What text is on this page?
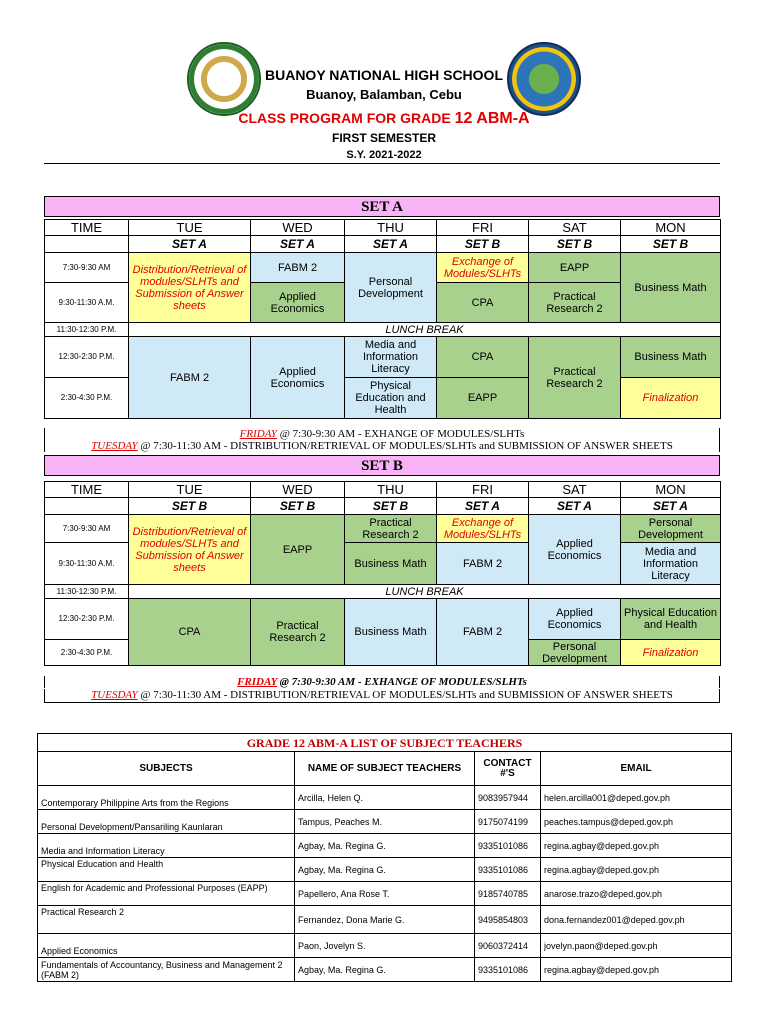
BUANOY NATIONAL HIGH SCHOOL
Buanoy, Balamban, Cebu
CLASS PROGRAM FOR GRADE 12 ABM-A
FIRST SEMESTER
S.Y. 2021-2022
SET A
TIME	TUE	WED	THU	FRI	SAT	MON
	SET A	SET A	SET A	SET B	SET B	SET B
7:30-9:30 AM	Distribution/Retrieval of modules/SLHTs and Submission of Answer sheets	FABM 2	Personal Development	Exchange of Modules/SLHTs	EAPP	Business Math
9:30-11:30 A.M.		Applied Economics		CPA	Practical Research 2	
11:30-12:30 P.M.	LUNCH BREAK					
12:30-2:30 P.M.	FABM 2	Applied Economics	Media and Information Literacy	CPA	Practical Research 2	Business Math
2:30-4:30 P.M.			Physical Education and Health	EAPP		Finalization
FRIDAY @ 7:30-9:30 AM - EXHANGE OF MODULES/SLHTs
TUESDAY @ 7:30-11:30 AM - DISTRIBUTION/RETRIEVAL OF MODULES/SLHTs and SUBMISSION OF ANSWER SHEETS
SET B
TIME	TUE	WED	THU	FRI	SAT	MON
	SET B	SET B	SET B	SET A	SET A	SET A
7:30-9:30 AM	Distribution/Retrieval of modules/SLHTs and Submission of Answer sheets	EAPP	Practical Research 2	Exchange of Modules/SLHTs	Applied Economics	Personal Development
9:30-11:30 A.M.			Business Math	FABM 2		Media and Information Literacy
11:30-12:30 P.M.	LUNCH BREAK					
12:30-2:30 P.M.	CPA	Practical Research 2	Business Math	FABM 2	Applied Economics	Physical Education and Health
2:30-4:30 P.M.					Personal Development	Finalization
FRIDAY @ 7:30-9:30 AM - EXHANGE OF MODULES/SLHTs
TUESDAY @ 7:30-11:30 AM - DISTRIBUTION/RETRIEVAL OF MODULES/SLHTs and SUBMISSION OF ANSWER SHEETS
GRADE 12 ABM-A LIST OF SUBJECT TEACHERS			
SUBJECTS	NAME OF SUBJECT TEACHERS	CONTACT #'S	EMAIL
Contemporary Philippine Arts from the Regions	Arcilla, Helen Q.	9083957944	helen.arcilla001@deped.gov.ph
Personal Development/Pansariling Kaunlaran	Tampus, Peaches M.	9175074199	peaches.tampus@deped.gov.ph
Media and Information Literacy	Agbay, Ma. Regina G.	9335101086	regina.agbay@deped.gov.ph
Physical Education and Health	Agbay, Ma. Regina G.	9335101086	regina.agbay@deped.gov.ph
English for Academic and Professional Purposes (EAPP)	Papellero, Ana Rose T.	9185740785	anarose.trazo@deped.gov.ph
Practical Research 2	Fernandez, Dona Marie G.	9495854803	dona.fernandez001@deped.gov.ph
Applied Economics	Paon, Jovelyn S.	9060372414	jovelyn.paon@deped.gov.ph
Fundamentals of Accountancy, Business and Management 2 (FABM 2)	Agbay, Ma. Regina G.	9335101086	regina.agbay@deped.gov.ph
